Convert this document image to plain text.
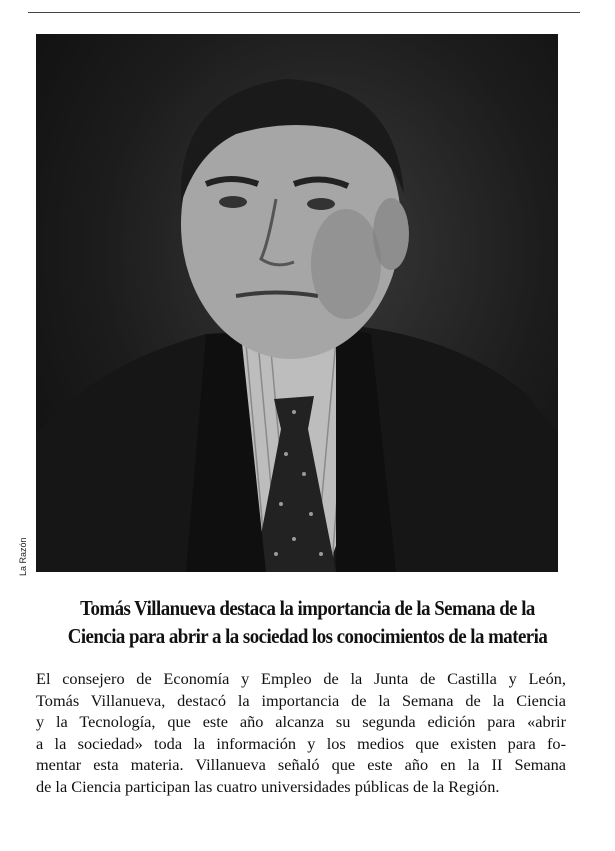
La Razón
Tomás Villanueva destaca la importancia de la Semana de la
Ciencia para abrir a la sociedad los conocimientos de la materia

El consejero de Economía y Empleo de la Junta de Castilla y León,
Tomás Villanueva, destacó la importancia de la Semana de la Ciencia
y la Tecnología, que este año alcanza su segunda edición para «abrir
a la sociedad» toda la información y los medios que existen para fo-
mentar esta materia. Villanueva señaló que este año en la II Semana
de la Ciencia participan las cuatro universidades públicas de la Región.
